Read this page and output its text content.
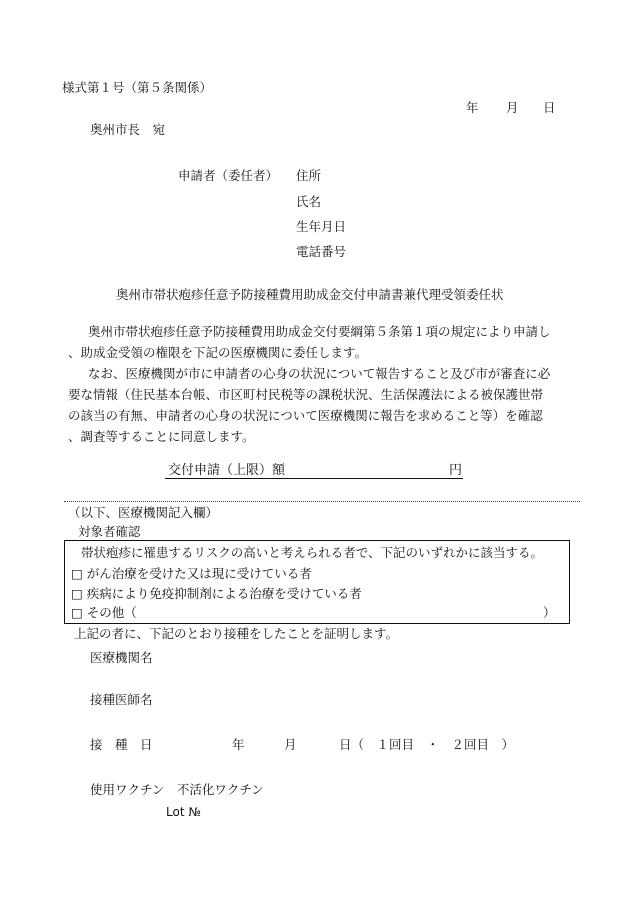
様式第１号（第５条関係）
年 月 日
奥州市長　宛
申請者（委任者） 住所
氏名
生年月日
電話番号
奥州市帯状疱疹任意予防接種費用助成金交付申請書兼代理受領委任状
奥州市帯状疱疹任意予防接種費用助成金交付要綱第５条第１項の規定により申請し
、助成金受領の権限を下記の医療機関に委任します。
なお、医療機関が市に申請者の心身の状況について報告すること及び市が審査に必
要な情報（住民基本台帳、市区町村民税等の課税状況、生活保護法による被保護世帯
の該当の有無、申請者の心身の状況について医療機関に報告を求めること等）を確認
、調査等することに同意します。
交付申請（上限）額	円
（以下、医療機関記入欄）
対象者確認
帯状疱疹に罹患するリスクの高いと考えられる者で、下記のいずれかに該当する。
□ がん治療を受けた又は現に受けている者
□ 疾病により免疫抑制剤による治療を受けている者
□ その他（	）
上記の者に、下記のとおり接種をしたことを証明します。
医療機関名
接種医師名
接　種　日	年	月	日（　１回目　・　２回目　）
使用ワクチン　不活化ワクチン
Lot №
